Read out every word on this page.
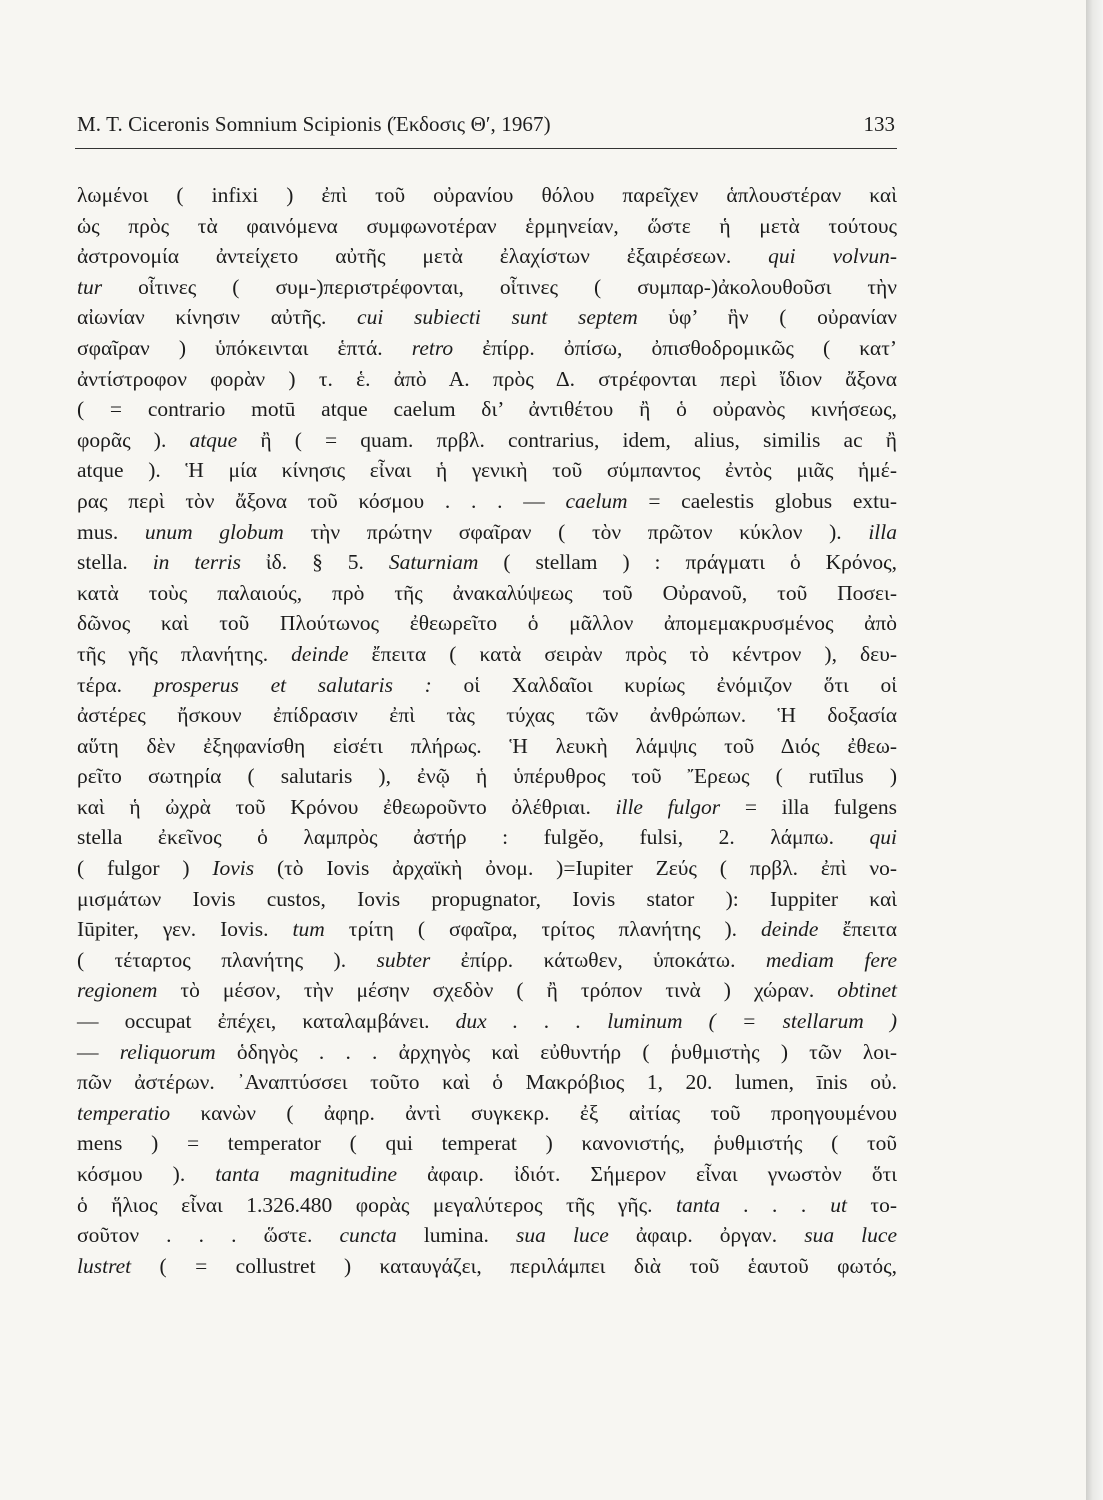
M. T. Ciceronis Somnium Scipionis (Έκδοσις Θ′, 1967)	133
λωμένοι ( infixi ) ἐπὶ τοῦ οὐρανίου θόλου παρεῖχεν ἁπλουστέραν καὶ
ὡς πρὸς τὰ φαινόμενα συμφωνοτέραν ἑρμηνείαν, ὥστε ἡ μετὰ τούτους
ἀστρονομία ἀντείχετο αὐτῆς μετὰ ἐλαχίστων ἐξαιρέσεων. qui volvun-
tur οἷτινες ( συμ-)περιστρέφονται, οἷτινες ( συμπαρ-)ἀκολουθοῦσι τὴν
αἰωνίαν κίνησιν αὐτῆς. cui subiecti sunt septem ὑφ’ ἣν ( οὐρανίαν
σφαῖραν ) ὑπόκεινται ἑπτά. retro ἐπίρρ. ὀπίσω, ὀπισθοδρομικῶς ( κατ’
ἀντίστροφον φορὰν ) τ. ἑ. ἀπὸ Α. πρὸς Δ. στρέφονται περὶ ἴδιον ἄξονα
( = contrario motū atque caelum δι’ ἀντιθέτου ἢ ὁ οὐρανὸς κινήσεως,
φορᾶς ). atque ἢ ( = quam. πρβλ. contrarius, idem, alius, similis ac ἢ
atque ). Ἡ μία κίνησις εἶναι ἡ γενικὴ τοῦ σύμπαντος ἐντὸς μιᾶς ἡμέ-
ρας περὶ τὸν ἄξονα τοῦ κόσμου . . . — caelum = caelestis globus extu-
mus. unum globum τὴν πρώτην σφαῖραν ( τὸν πρῶτον κύκλον ). illa
stella. in terris ἰδ. § 5. Saturniam ( stellam ) : πράγματι ὁ Κρόνος,
κατὰ τοὺς παλαιούς, πρὸ τῆς ἀνακαλύψεως τοῦ Οὐρανοῦ, τοῦ Ποσει-
δῶνος καὶ τοῦ Πλούτωνος ἐθεωρεῖτο ὁ μᾶλλον ἀπομεμακρυσμένος ἀπὸ
τῆς γῆς πλανήτης. deinde ἔπειτα ( κατὰ σειρὰν πρὸς τὸ κέντρον ), δευ-
τέρα. prosperus et salutaris : οἱ Χαλδαῖοι κυρίως ἐνόμιζον ὅτι οἱ
ἀστέρες ἤσκουν ἐπίδρασιν ἐπὶ τὰς τύχας τῶν ἀνθρώπων. Ἡ δοξασία
αὕτη δὲν ἐξηφανίσθη εἰσέτι πλήρως. Ἡ λευκὴ λάμψις τοῦ Διός ἐθεω-
ρεῖτο σωτηρία ( salutaris ), ἐνῷ ἡ ὑπέρυθρος τοῦ Ἔρεως ( rutīlus )
καὶ ἡ ὠχρὰ τοῦ Κρόνου ἐθεωροῦντο ὀλέθριαι. ille fulgor = illa fulgens
stella ἐκεῖνος ὁ λαμπρὸς ἀστήρ : fulgĕo, fulsi, 2. λάμπω. qui
( fulgor ) Iovis (τὸ Iovis ἀρχαϊκὴ ὀνομ. )=Iupiter Ζεύς ( πρβλ. ἐπὶ νο-
μισμάτων Iovis custos, Iovis propugnator, Iovis stator ): Iuppiter καὶ
Iūpiter, γεν. Iovis. tum τρίτη ( σφαῖρα, τρίτος πλανήτης ). deinde ἔπειτα
( τέταρτος πλανήτης ). subter ἐπίρρ. κάτωθεν, ὑποκάτω. mediam fere
regionem τὸ μέσον, τὴν μέσην σχεδὸν ( ἢ τρόπον τινὰ ) χώραν. obtinet
— occupat ἐπέχει, καταλαμβάνει. dux . . . luminum ( = stellarum )
— reliquorum ὁδηγὸς . . . ἀρχηγὸς καὶ εὐθυντήρ ( ῥυθμιστὴς ) τῶν λοι-
πῶν ἀστέρων. ᾿Αναπτύσσει τοῦτο καὶ ὁ Μακρόβιος 1, 20. lumen, īnis οὐ.
temperatio κανὼν ( ἀφηρ. ἀντὶ συγκεκρ. ἐξ αἰτίας τοῦ προηγουμένου
mens ) = temperator ( qui temperat ) κανονιστής, ῥυθμιστής ( τοῦ
κόσμου ). tanta magnitudine ἀφαιρ. ἰδιότ. Σήμερον εἶναι γνωστὸν ὅτι
ὁ ἥλιος εἶναι 1.326.480 φορὰς μεγαλύτερος τῆς γῆς. tanta . . . ut το-
σοῦτον . . . ὥστε. cuncta lumina. sua luce ἀφαιρ. ὀργαν. sua luce
lustret ( = collustret ) καταυγάζει, περιλάμπει διὰ τοῦ ἑαυτοῦ φωτός,
